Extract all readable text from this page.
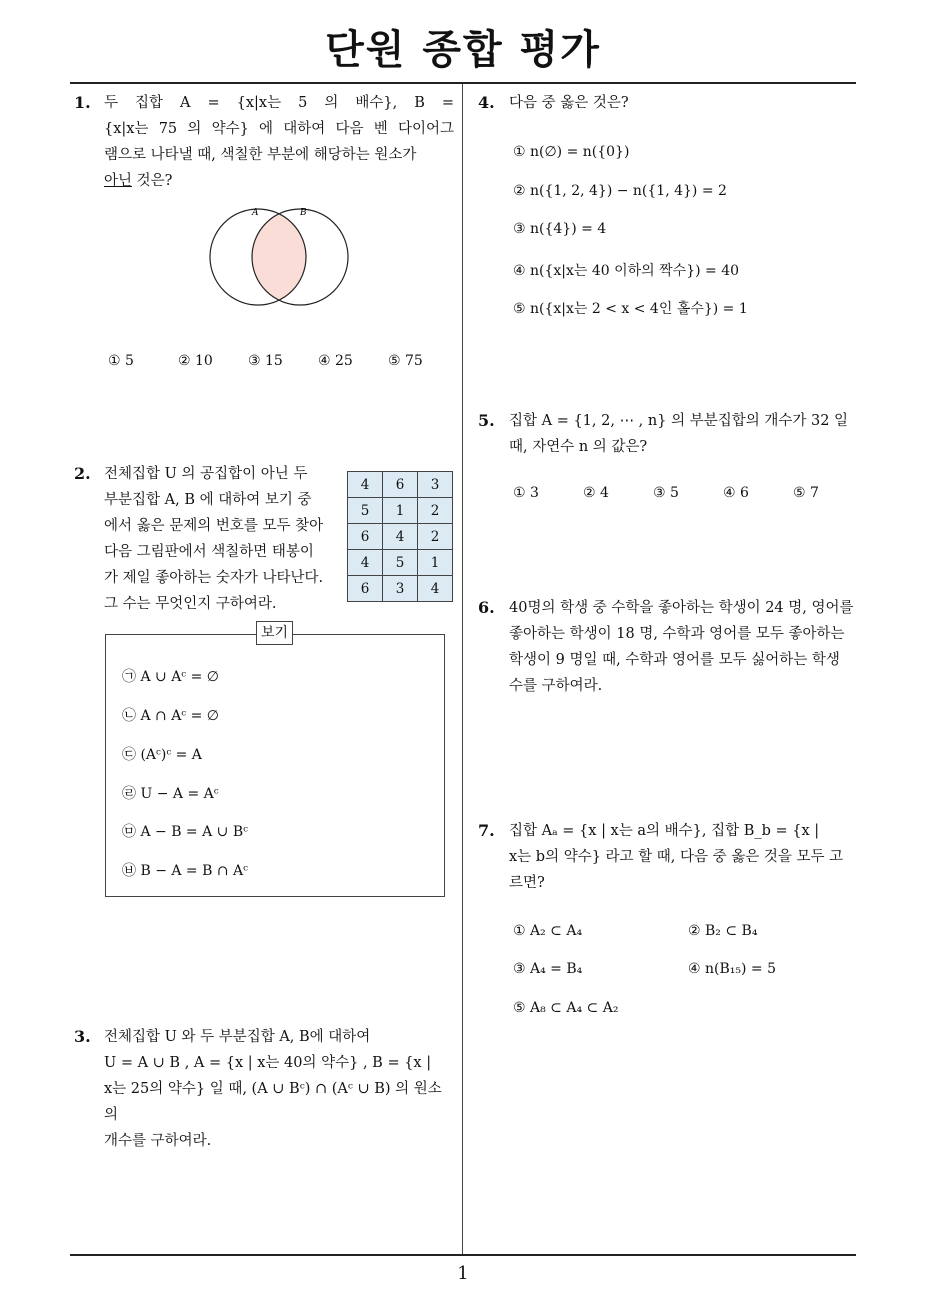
단원 종합 평가
1. 두 집합 A = {x|x는 5 의 배수}, B =
{x|x는 75 의 약수} 에 대하여 다음 벤 다이어그
램으로 나타낼 때, 색칠한 부분에 해당하는 원소가
아닌 것은?
A	B
① 5	② 10	③ 15	④ 25	⑤ 75
2. 전체집합 U 의 공집합이 아닌 두
부분집합 A, B 에 대하여 보기 중
에서 옳은 문제의 번호를 모두 찾아
다음 그림판에서 색칠하면 태봉이
가 제일 좋아하는 숫자가 나타난다.
그 수는 무엇인지 구하여라.
4	6	3
5	1	2
6	4	2
4	5	1
6	3	4
보기
㉠ A ∪ Aᶜ = ∅
㉡ A ∩ Aᶜ = ∅
㉢ (Aᶜ)ᶜ = A
㉣ U − A = Aᶜ
㉤ A − B = A ∪ Bᶜ
㉥ B − A = B ∩ Aᶜ
3. 전체집합 U 와 두 부분집합 A, B에 대하여
U = A ∪ B , A = {x | x는 40의 약수} , B = {x |
x는 25의 약수} 일 때, (A ∪ Bᶜ) ∩ (Aᶜ ∪ B) 의 원소의
개수를 구하여라.
4. 다음 중 옳은 것은?
① n(∅) = n({0})
② n({1, 2, 4}) − n({1, 4}) = 2
③ n({4}) = 4
④ n({x|x는 40 이하의 짝수}) = 40
⑤ n({x|x는 2 < x < 4인 홀수}) = 1
5. 집합 A = {1, 2, ⋯ , n} 의 부분집합의 개수가 32 일
때, 자연수 n 의 값은?
① 3	② 4	③ 5	④ 6	⑤ 7
6. 40명의 학생 중 수학을 좋아하는 학생이 24 명, 영어를
좋아하는 학생이 18 명, 수학과 영어를 모두 좋아하는
학생이 9 명일 때, 수학과 영어를 모두 싫어하는 학생
수를 구하여라.
7. 집합 Aₐ = {x | x는 a의 배수}, 집합 B_b = {x |
x는 b의 약수} 라고 할 때, 다음 중 옳은 것을 모두 고
르면?
① A₂ ⊂ A₄	② B₂ ⊂ B₄
③ A₄ = B₄	④ n(B₁₅) = 5
⑤ A₈ ⊂ A₄ ⊂ A₂
1
